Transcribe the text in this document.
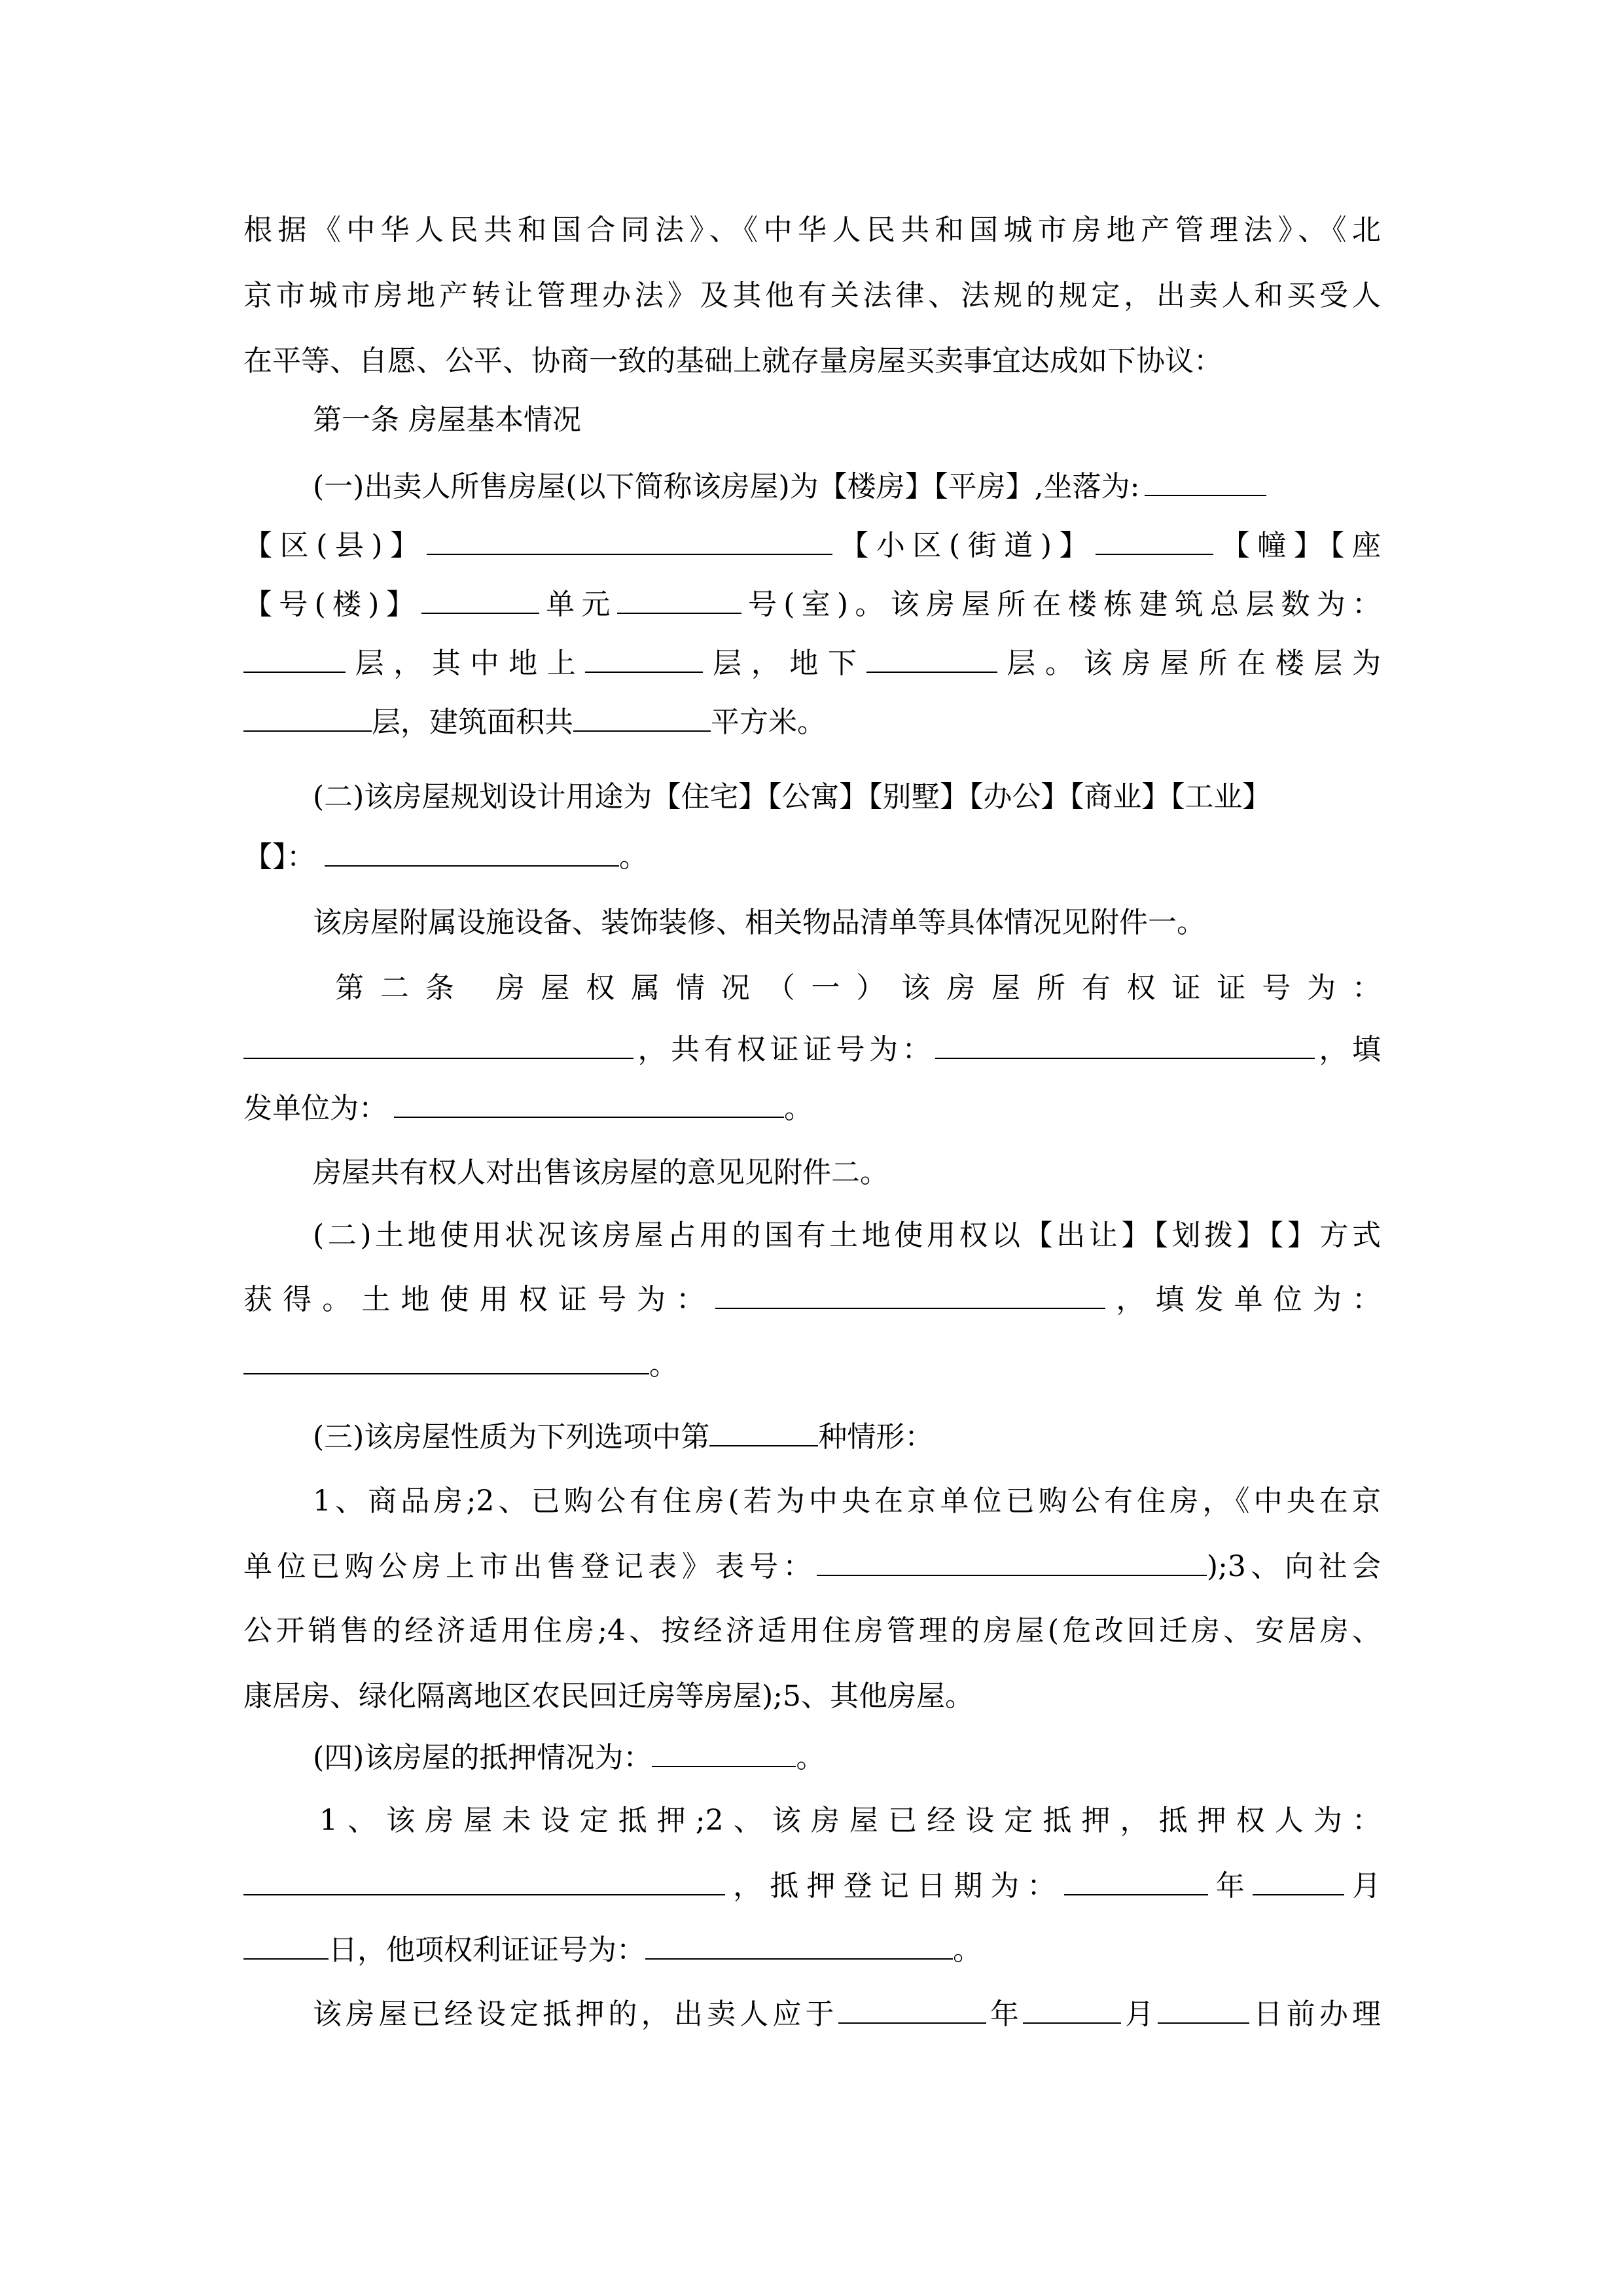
根据《中华人民共和国合同法》、《中华人民共和国城市房地产管理法》、《北
京市城市房地产转让管理办法》及其他有关法律、法规的规定，出卖人和买受人
在平等、自愿、公平、协商一致的基础上就存量房屋买卖事宜达成如下协议：
第一条 房屋基本情况
(一)出卖人所售房屋(以下简称该房屋)为【楼房】【平房】,坐落为:
【区(县)】	【小区(街道)】	【幢】【座
【号(楼)】	单元	号(室)。该房屋所在楼栋建筑总层数为：
层，其中地上	层，地下	层。该房屋所在楼层为
层，建筑面积共	平方米。
(二)该房屋规划设计用途为【住宅】【公寓】【别墅】【办公】【商业】【工业】
【】：	。
该房屋附属设施设备、装饰装修、相关物品清单等具体情况见附件一。
第二条 房屋权属情况（一）该房屋所有权证证号为：
，共有权证证号为：	，填
发单位为：	。
房屋共有权人对出售该房屋的意见见附件二。
(二)土地使用状况该房屋占用的国有土地使用权以【出让】【划拨】【】方式
获得。土地使用权证号为：	，填发单位为：
。
(三)该房屋性质为下列选项中第	种情形：
1、商品房;2、已购公有住房(若为中央在京单位已购公有住房，《中央在京
单位已购公房上市出售登记表》表号：	);3、向社会
公开销售的经济适用住房;4、按经济适用住房管理的房屋(危改回迁房、安居房、
康居房、绿化隔离地区农民回迁房等房屋);5、其他房屋。
(四)该房屋的抵押情况为：	。
1、该房屋未设定抵押;2、该房屋已经设定抵押，抵押权人为：
，抵押登记日期为：	年	月
日，他项权利证证号为：	。
该房屋已经设定抵押的，出卖人应于	年	月	日前办理
